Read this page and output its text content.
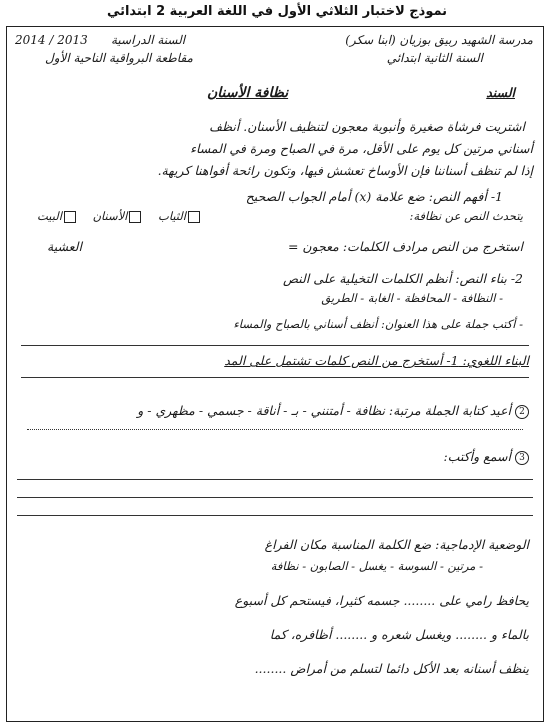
نموذج لاختبار الثلاثي الأول في اللغة العربية 2 ابتدائي
2013 / 2014 السنة الدراسية	مدرسة الشهيد ربيق بوزيان (ابنا سكر)
السنة الثانية ابتدائي
مقاطعة البرواقية الناحية الأول
السند
نظافة الأسنان
اشتريت فرشاة صغيرة وأنبوبة معجون لتنظيف الأسنان. أنظف
أسناني مرتين كل يوم على الأقل، مرة في الصباح ومرة في المساء
إذا لم تنظف أسناننا فإن الأوساخ تعشش فيها، وتكون رائحة أفواهنا كريهة.
1- أفهم النص: ضع علامة (x) أمام الجواب الصحيح
يتحدث النص عن نظافة:
الثياب    الأسنان    البيت
استخرج من النص مرادف الكلمات: معجون =
العشية
2- بناء النص: أنظم الكلمات التخيلية على النص
- النظافة - المحافظة - الغابة - الطريق
- أكتب جملة على هذا العنوان: أنظف أسناني بالصباح والمساء
البناء اللغوي: 1- أستخرج من النص كلمات تشتمل على المد
2أعيد كتابة الجملة مرتبة: نظافة - أمتنني - بـ - أناقة - جسمي - مظهري - و
3أسمع وأكتب:
الوضعية الإدماجية: ضع الكلمة المناسبة مكان الفراغ
- مرتين - السوسة - يغسل - الصابون - نظافة
يحافظ رامي على ........ جسمه كثيرا، فيستحم كل أسبوع
بالماء و ........ ويغسل شعره و ........ أظافره، كما
ينظف أسنانه بعد الأكل دائما لتسلم من أمراض ........
